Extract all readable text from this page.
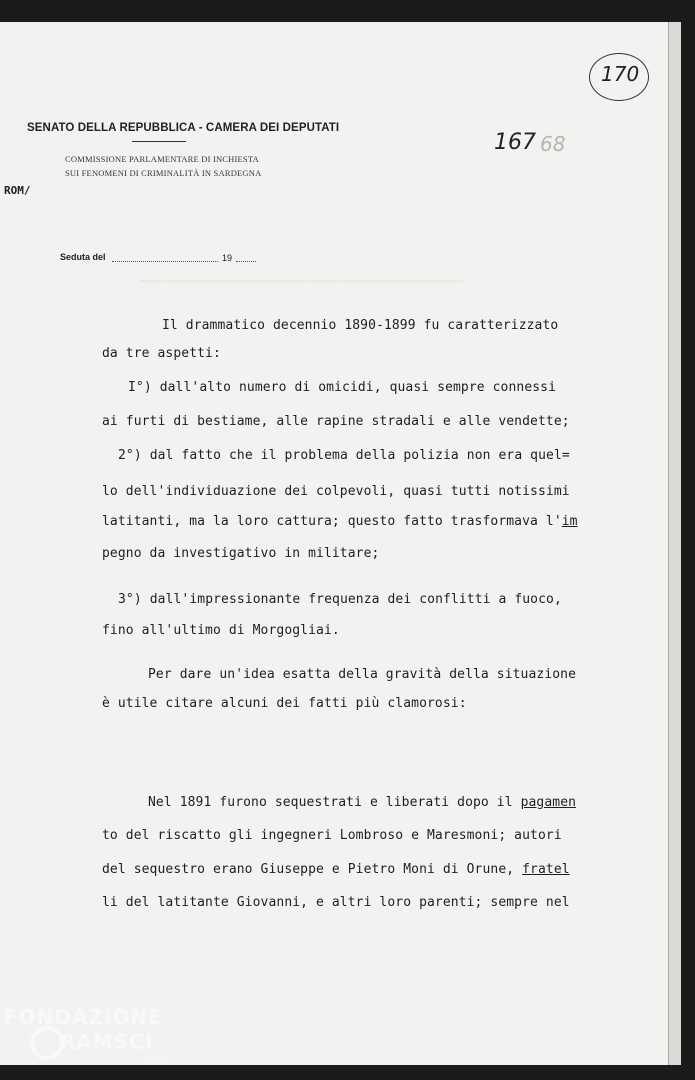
▔▔▔▔▔▔▔▔▔▔▔▔▔▔▔▔▔▔▔▔▔▔▔▔▔▔▔▔▔▔▔▔▔▔▔▔▔▔▔▔▔▔▔
SENATO DELLA REPUBBLICA - CAMERA DEI DEPUTATI
COMMISSIONE PARLAMENTARE DI INCHIESTA
SUI FENOMENI DI CRIMINALITÀ IN SARDEGNA
ROM/
Seduta del	19
167 68
170
Il drammatico decennio 1890-1899 fu caratterizzato
da tre aspetti:
I°) dall'alto numero di omicidi, quasi sempre connessi
ai furti di bestiame, alle rapine stradali e alle vendette;
2°) dal fatto che il problema della polizia non era quel=
lo dell'individuazione dei colpevoli, quasi tutti notissimi
latitanti, ma la loro cattura; questo fatto trasformava l'im
pegno da investigativo in militare;
3°) dall'impressionante frequenza dei conflitti a fuoco,
fino all'ultimo di Morgogliai.
Per dare un'idea esatta della gravità della situazione
è utile citare alcuni dei fatti più clamorosi:
Nel 1891 furono sequestrati e liberati dopo il pagamen
to del riscatto gli ingegneri Lombroso e Maresmoni; autori
del sequestro erano Giuseppe e Pietro Moni di Orune, fratel
li del latitante Giovanni, e altri loro parenti; sempre nel
FONDAZIONE
RAMSCI
onlus
